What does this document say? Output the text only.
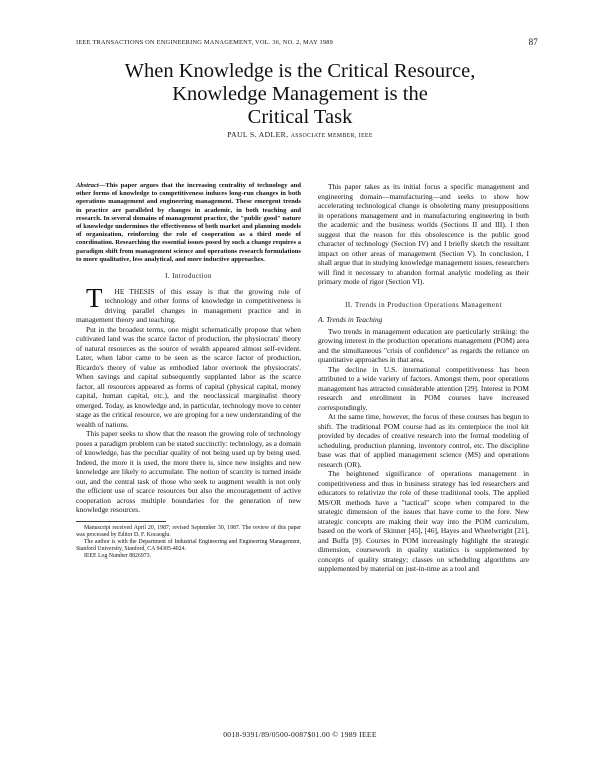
IEEE TRANSACTIONS ON ENGINEERING MANAGEMENT, VOL. 36, NO. 2, MAY 1989	87
When Knowledge is the Critical Resource,
Knowledge Management is the
Critical Task
PAUL S. ADLER, ASSOCIATE MEMBER, IEEE
Abstract—This paper argues that the increasing centrality of technology and other forms of knowledge to competitiveness induces long-run changes in both operations management and engineering management. These emergent trends in practice are paralleled by changes in academic, in both teaching and research. In several domains of management practice, the "public good" nature of knowledge undermines the effectiveness of both market and planning models of organization, reinforcing the role of cooperation as a third mode of coordination. Researching the essential issues posed by such a change requires a paradigm shift from management science and operations research formulations to more qualitative, less analytical, and more inductive approaches.
I. Introduction

THE THESIS of this essay is that the growing role of technology and other forms of knowledge in competitiveness is driving parallel changes in management practice and in management theory and teaching.

Put in the broadest terms, one might schematically propose that when cultivated land was the scarce factor of production, the physiocrats' theory of natural resources as the source of wealth appeared almost self-evident. Later, when labor came to be seen as the scarce factor of production, Ricardo's theory of value as embodied labor overtook the physiocrats'. When savings and capital subsequently supplanted labor as the scarce factor, all resources appeared as forms of capital (physical capital, money capital, human capital, etc.), and the neoclassical marginalist theory emerged. Today, as knowledge and, in particular, technology move to center stage as the critical resource, we are groping for a new understanding of the wealth of nations.

This paper seeks to show that the reason the growing role of technology poses a paradigm problem can be stated succinctly: technology, as a domain of knowledge, has the peculiar quality of not being used up by being used. Indeed, the more it is used, the more there is, since new insights and new knowledge are likely to accumulate. The notion of scarcity is turned inside out, and the central task of those who seek to augment wealth is not only the efficient use of scarce resources but also the encouragement of active cooperation across multiple boundaries for the generation of new knowledge resources.

Manuscript received April 20, 1987; revised September 30, 1987. The review of this paper was processed by Editor D. F. Kocaoglu.

The author is with the Department of Industrial Engineering and Engineering Management, Stanford University, Stanford, CA 94305-4024.

IEEE Log Number 8826973.

This paper takes as its initial focus a specific management and engineering domain—manufacturing—and seeks to show how accelerating technological change is obsoleting many presuppositions in operations management and in manufacturing engineering in both the academic and the business worlds (Sections II and III). I then suggest that the reason for this obsolescence is the public good character of technology (Section IV) and I briefly sketch the resultant impact on other areas of management (Section V). In conclusion, I shall argue that in studying knowledge management issues, researchers will find it necessary to abandon formal analytic modeling as their primary mode of rigor (Section VI).

II. Trends in Production Operations Management
A. Trends in Teaching

Two trends in management education are particularly striking: the growing interest in the production operations management (POM) area and the simultaneous "crisis of confidence" as regards the reliance on quantitative approaches in that area.

The decline in U.S. international competitiveness has been attributed to a wide variety of factors. Amongst them, poor operations management has attracted considerable attention [29]. Interest in POM research and enrollment in POM courses have increased correspondingly.

At the same time, however, the focus of these courses has begun to shift. The traditional POM course had as its centerpiece the tool kit provided by decades of creative research into the formal modeling of scheduling, production planning, inventory control, etc. The discipline base was that of applied management science (MS) and operations research (OR).

The heightened significance of operations management in competitiveness and thus in business strategy has led researchers and educators to relativize the role of these traditional tools. The applied MS/OR methods have a "tactical" scope when compared to the strategic dimension of the issues that have come to the fore. New strategic concepts are making their way into the POM curriculum, based on the work of Skinner [45], [46], Hayes and Wheelwright [21], and Buffa [9]. Courses in POM increasingly highlight the strategic dimension, coursework in quality statistics is supplemented by concepts of quality strategy; classes on scheduling algorithms are supplemented by material on just-in-time as a tool and

0018-9391/89/0500-0087$01.00 © 1989 IEEE
